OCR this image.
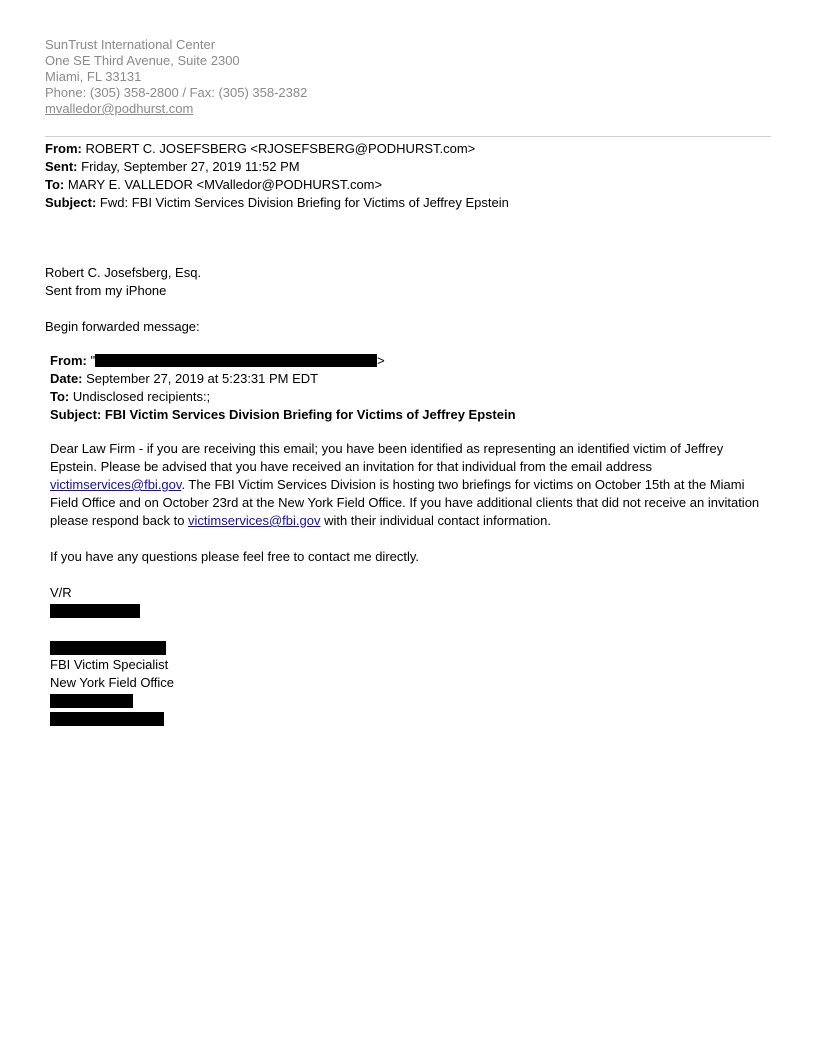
SunTrust International Center
One SE Third Avenue, Suite 2300
Miami, FL 33131
Phone: (305) 358-2800 / Fax: (305) 358-2382
mvalledor@podhurst.com
From: ROBERT C. JOSEFSBERG <RJOSEFSBERG@PODHURST.com>
Sent: Friday, September 27, 2019 11:52 PM
To: MARY E. VALLEDOR <MValledor@PODHURST.com>
Subject: Fwd: FBI Victim Services Division Briefing for Victims of Jeffrey Epstein
Robert C. Josefsberg, Esq.
Sent from my iPhone
Begin forwarded message:
From: "	>
Date: September 27, 2019 at 5:23:31 PM EDT
To: Undisclosed recipients:;
Subject: FBI Victim Services Division Briefing for Victims of Jeffrey Epstein
Dear Law Firm - if you are receiving this email; you have been identified as representing an identified victim of Jeffrey Epstein. Please be advised that you have received an invitation for that individual from the email address victimservices@fbi.gov. The FBI Victim Services Division is hosting two briefings for victims on October 15th at the Miami Field Office and on October 23rd at the New York Field Office. If you have additional clients that did not receive an invitation please respond back to victimservices@fbi.gov with their individual contact information.
If you have any questions please feel free to contact me directly.
V/R
FBI Victim Specialist
New York Field Office
